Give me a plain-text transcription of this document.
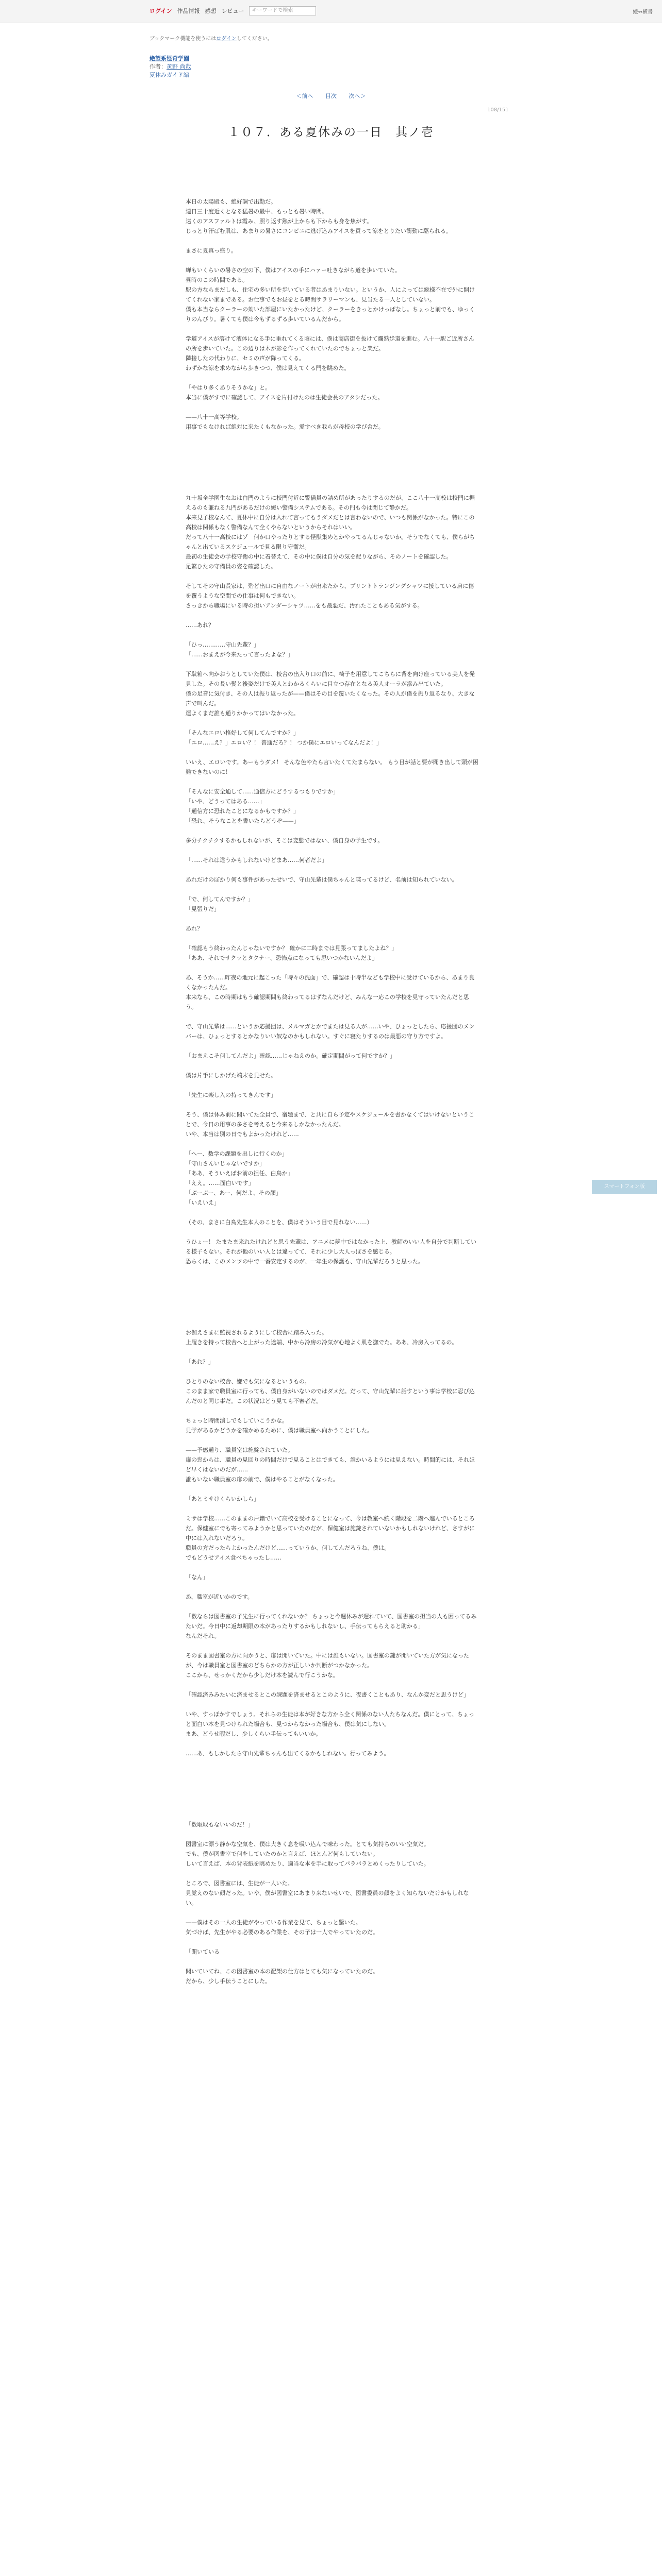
ログイン 作品情報 感想 レビュー	キーワードで検索	縦⇔横書
ブックマーク機能を使うにはログインしてください。
絶望系怪奇学園
作者：黄野 尚哉
夏休みガイド編
＜前へ 目次 次へ＞
108/151
１０７．ある夏休みの一日　其ノ壱

本日の太陽殿も、絶好調で出勤だ。
連日三十度近くとなる猛暑の最中、もっとも暑い時間。
遠くのアスファルトは霞み、照り返す熱が上からも下からも身を焦がす。
じっとり汗ばむ肌は、あまりの暑さにコンビニに逃げ込みアイスを買って涼をとりたい衝動に駆られる。

まさに夏真っ盛り。

蝉もいくらいの暑さの空の下、僕はアイスの手にハァー吐きながら道を歩いていた。
昼時のこの時間である。
駅の方ならまだしも、住宅の多い所を歩いている者はあまりいない。というか、人によっては総様不在で外に開けてくれない家まである。お仕事でもお昼をとる時間サラリーマンも、見当たる一人としていない。
僕も本当ならクーラーの効いた部屋にいたかったけど、クーラーをきっとかけっぱなし。ちょっと前でも、ゆっくりのんびり。暑くても僕は今もずるずる歩いているんだから。

学道アイスが溶けて液体になる手に垂れてくる頃には、僕は商店街を抜けて爛熟歩道を進む。八十一駅ご近所さんの所を歩いていた。この辺りは木が影を作ってくれていたのでちょっと楽だ。
隣接したの代わりに、セミの声が降ってくる。
わずかな涼を求めながら歩きつつ、僕は見えてくる門を眺めた。

「やはり多くありそうかな」と。
本当に僕がすでに確認して、アイスを片付けたのは生徒会長のアタシだった。

——八十一高等学校。
用事でもなければ絶対に来たくもなかった。愛すべき我らが母校の学び舎だ。

九十坂全学園生なおは白門のように校門付近に警備員の詰め所があったりするのだが、ここ八十一高校は校門に据えるのも兼ねる九門があるだけの緩い警備システムである。その門も今は閉じて静かだ。
本来見子校なんて、夏休中に自分は入れて言ってもうダメだとは言わないので、いつも関係がなかった。特にこの高校は関係もなく警備なんて全くやらないというからそれはいい。
だって八十一高校にはゾ　何か口やったりとする怪獣集めとかやってるんじゃないか。そうでなくても、僕らがちゃんと出ているスケジュールで見る限り守衛だ。
最初の生徒会の学校守衛の中に着替えて、その中に僕は自分の気を配りながら、そのノートを確認した。
足繁ひたの守備員の姿を確認した。

そしてその守山長家は、殆ど出口に自由なノートが出来たから、プリントトランジングシャツに接している肩に傷を覆うような空間での仕事は何もできない。
さっきから職場にいる時の担いアンダーシャツ……をも最悪だ、汚れたこともある気がする。

……あれ？

「ひっ…………守山先輩？」
「……おまえが今来たって言ったよな？」

下駄箱へ向かおうとしていた僕は、校舎の出入り口の前に、椅子を用意してこちらに背を向け座っている美人を発見した。その長い髪と後姿だけで美人とわかるくらいに目立つ存在となる美人オーラが滲み出ていた。
僕の足音に気付き、その人は振り返ったが——僕はその目を覆いたくなった。その人が僕を振り返るなり、大きな声で叫んだ。
運よくまだ誰も通りかかってはいなかった。

「そんなエロい格好して何してんですか？」
「エロ……え？」エロい？！ 普通だろ？！ つか僕にエロいってなんだよ！」

いいえ、エロいです。あーもうダメ！ そんな色やたら言いたくてたまらない。 もう目が話と要が聞き出して頭が困難できないのに！

「そんなに安全通して……通信方にどうするつもりですか」
「いや、どうってはある……」
「通信方に恐れたことになるかもですか？」
「恐れ、そうなことを書いたらどうぞ——」

多分チクチクするかもしれないが、そこは変態ではない、僕自身の学生です。

「……それは違うかもしれないけどまあ……何者だよ」

あれだけのぽかり何も事件があったせいで、守山先輩は僕ちゃんと喋ってるけど、名前は知られていない。

「で、何してんですか？」
「見張りだ」

あれ？

「確認もう終わったんじゃないですか？ 確かに二時までは見張ってましたよね？」
「ああ、それでサクッとタクナー、恐怖点になっても思いつかないんだよ」

あ、そうか……昨夜の地元に起こった「時々の洗面」で、確認は十時半なども学校中に受けているから、あまり良くなかったんだ。
本来なら、この時期はもう確認期間も終わってるはずなんだけど、みんな一応この学校を見守っていたんだと思う。

で、守山先輩は……というか応援団は、メルマガとかでまたは見る人が……いや、ひょっとしたら、応援団のメンバーは、ひょっとするとかなりいい奴なのかもしれない。すぐに寝たりするのは最悪の守り方ですよ。

「おまえこそ何してんだよ」確認……じゃねえのか。確定期間がって何ですか？」

僕は片手にしかげた端末を見せた。

「先生に楽し入の持ってきんです」

そう、僕は休み前に聞いてた全員で、宿題まで、と共に自ら予定やスケジュールを書かなくてはいけないということで、今日の用事の多さを考えると今来るしかなかったんだ。
いや、本当は別の日でもよかったけれど……

「へー、数学の課題を出しに行くのか」
「守山さんいじゃないですか」
「ああ、そういえばお前の担任、白鳥か」
「ええ。……面白いです」
「ぶーぶー、あー、何だよ、その顔」
「いえいえ」

（その、まさに白鳥先生本人のことを、僕はそういう目で見れない……）

うひょー！ たまたま来れたけれどと思う先輩は、アニメに夢中ではなかった上、教師のいい人を自分で判断している様子もない。それが他のいい人とは違ってて、それに少し大人っぽさを感じる。
恐らくは、このメンツの中で一番安定するのが、一年生の保護も、守山先輩だろうと思った。

お伽えさまに監視されるようにして校舎に踏み入った。
上履きを持って校舎へと上がった途端、中から冷房の冷気が心地よく肌を撫でた。ああ、冷房入ってるの。

「あれ？」

ひとりのない校舎、嫌でも気になるというもの。
このまま家で職員室に行っても、僕自身がいないのではダメだ。だって、守山先輩に話すという事は学校に忍び込んだのと同じ事だ。この状況はどう見ても不審者だ。

ちょっと時間潰しでもしていこうかな。
見学があるかどうかを確かめるために、僕は職員室へ向かうことにした。

——予感通り、職員室は施錠されていた。
扉の窓からは、職員の見回りの時間だけで見ることはできても、誰かいるようには見えない。時間的には、それほど早くはないのだが……
誰もいない職員室の扉の前で、僕はやることがなくなった。

「あとミサけくらいかしら」

ミサは学校……このままの戸籍でいて高校を受けることになって、今は教室へ続く階段を二階へ進んでいるところだ。保健室にでも寄ってみようかと思っていたのだが、保健室は施錠されていないかもしれないけれど、さすがに中には入れないだろう。
職員の方だったらよかったんだけど……っていうか、何してんだろうね、僕は。
でもどうせアイス食べちゃったし……

「なん」

あ、職室が近いかのです。

「数ならは図書室の子先生に行ってくれないか？ ちょっと今週休みが遅れていて、図書室の担当の人も困ってるみたいだ。今日中に返却期限の本があったりするかもしれないし、手伝ってもらえると助かる」
なんだそれ。

そのまま図書室の方に向かうと、扉は開いていた。中には誰もいない。図書室の鍵が開いていた方が気になったが、今は職員室と図書室のどちらかの方が正しいか判断がつかなかった。
ここから、せっかくだから少しだけ本を読んで行こうかな。

「確認済みみたいに済ませるとこの課題を済ませるとこのように、夜書くこともあり、なんか変だと思うけど」

いや、すっぽかすでしょう。それらの生徒は本が好きな方から全く関係のない人たちなんだ。僕にとって、ちょっと面白い本を見つけられた場合も、見つからなかった場合も、僕は気にしない。
まあ、どうせ暇だし、少しくらい手伝ってもいいか。

……あ、もしかしたら守山先輩ちゃんも出てくるかもしれない。行ってみよう。

「数取取もないいのだ！」

図書室に漂う静かな空気を、僕は大きく息を吸い込んで味わった。とても気持ちのいい空気だ。
でも、僕が図書室で何をしていたのかと言えば、ほとんど何もしていない。
しいて言えば、本の背表紙を眺めたり、適当な本を手に取ってパラパラとめくったりしていた。

ところで、図書室には、生徒が一人いた。
見覚えのない顔だった。いや、僕が図書室にあまり来ないせいで、図書委員の顔をよく知らないだけかもしれない。

——僕はその一人の生徒がやっている作業を見て、ちょっと驚いた。
気づけば、先生がやる必要のある作業を、その子は一人でやっていたのだ。

「聞いている

聞いていてね、この図書室の本の配架の仕方はとても気になっていたのだ。
だから、少し手伝うことにした。

スマートフォン版
